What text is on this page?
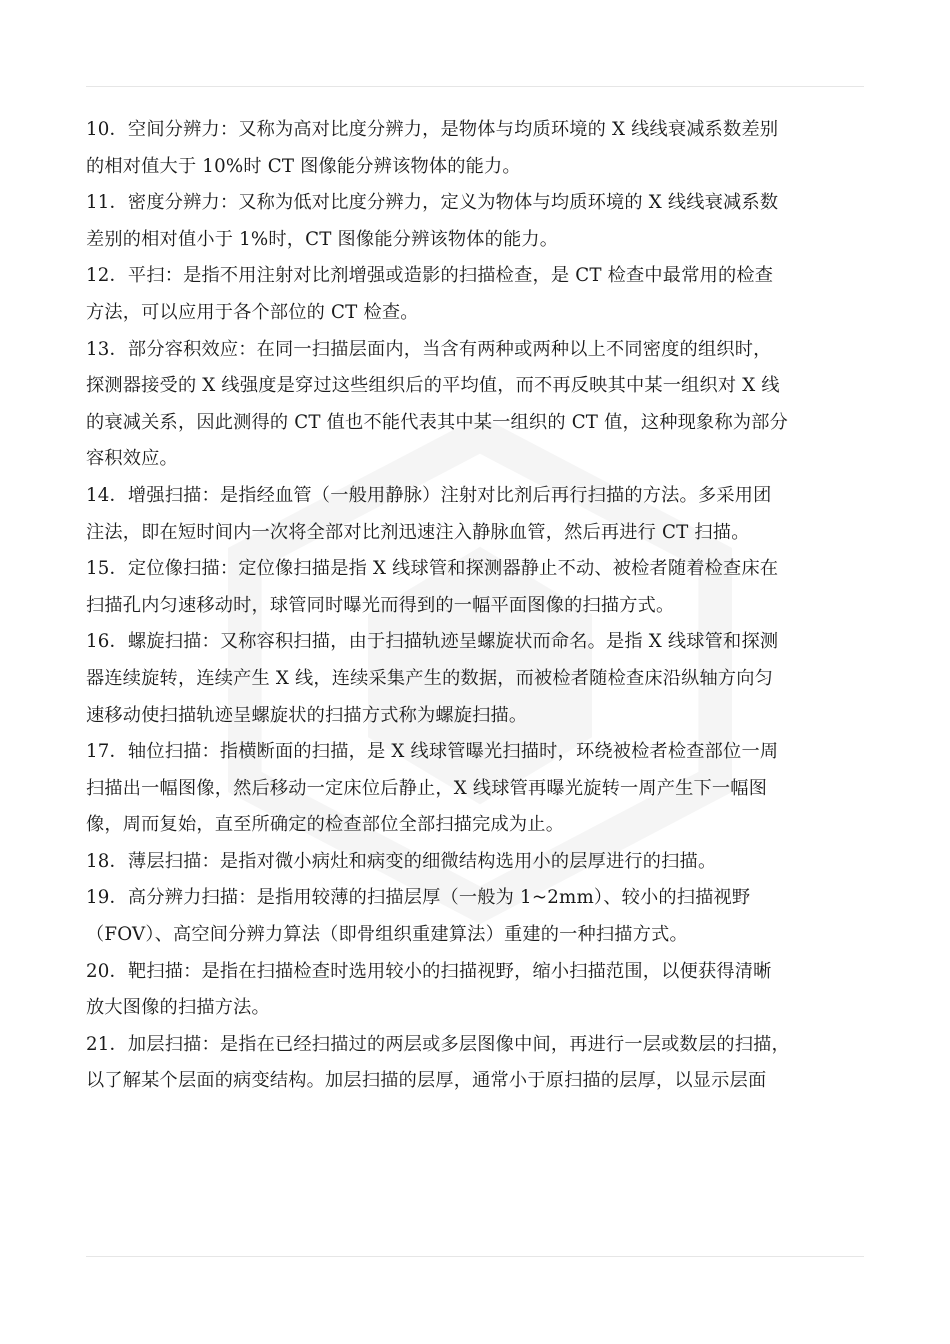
10．空间分辨力：又称为高对比度分辨力，是物体与均质环境的 X 线线衰减系数差别
的相对值大于 10%时 CT 图像能分辨该物体的能力。
11．密度分辨力：又称为低对比度分辨力，定义为物体与均质环境的 X 线线衰减系数
差别的相对值小于 1%时，CT 图像能分辨该物体的能力。
12．平扫：是指不用注射对比剂增强或造影的扫描检查，是 CT 检查中最常用的检查
方法，可以应用于各个部位的 CT 检查。
13．部分容积效应：在同一扫描层面内，当含有两种或两种以上不同密度的组织时，
探测器接受的 X 线强度是穿过这些组织后的平均值，而不再反映其中某一组织对 X 线
的衰减关系，因此测得的 CT 值也不能代表其中某一组织的 CT 值，这种现象称为部分
容积效应。
14．增强扫描：是指经血管（一般用静脉）注射对比剂后再行扫描的方法。多采用团
注法，即在短时间内一次将全部对比剂迅速注入静脉血管，然后再进行 CT 扫描。
15．定位像扫描：定位像扫描是指 X 线球管和探测器静止不动、被检者随着检查床在
扫描孔内匀速移动时，球管同时曝光而得到的一幅平面图像的扫描方式。
16．螺旋扫描：又称容积扫描，由于扫描轨迹呈螺旋状而命名。是指 X 线球管和探测
器连续旋转，连续产生 X 线，连续采集产生的数据，而被检者随检查床沿纵轴方向匀
速移动使扫描轨迹呈螺旋状的扫描方式称为螺旋扫描。
17．轴位扫描：指横断面的扫描，是 X 线球管曝光扫描时，环绕被检者检查部位一周
扫描出一幅图像，然后移动一定床位后静止，X 线球管再曝光旋转一周产生下一幅图
像，周而复始，直至所确定的检查部位全部扫描完成为止。
18．薄层扫描：是指对微小病灶和病变的细微结构选用小的层厚进行的扫描。
19．高分辨力扫描：是指用较薄的扫描层厚（一般为 1~2mm）、较小的扫描视野
（FOV）、高空间分辨力算法（即骨组织重建算法）重建的一种扫描方式。
20．靶扫描：是指在扫描检查时选用较小的扫描视野，缩小扫描范围，以便获得清晰
放大图像的扫描方法。
21．加层扫描：是指在已经扫描过的两层或多层图像中间，再进行一层或数层的扫描，
以了解某个层面的病变结构。加层扫描的层厚，通常小于原扫描的层厚，以显示层面
